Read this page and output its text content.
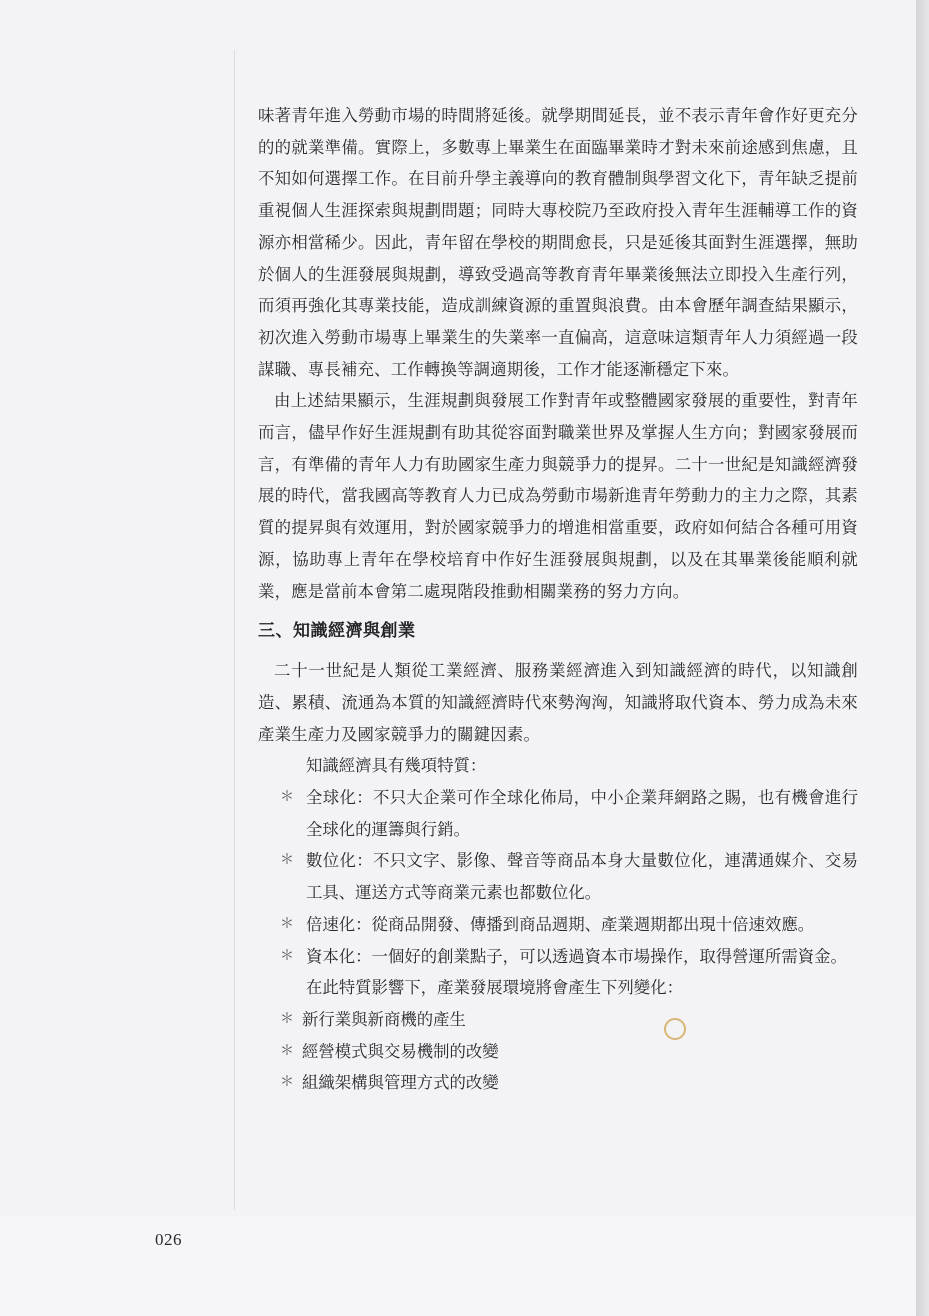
味著青年進入勞動市場的時間將延後。就學期間延長，並不表示青年會作好更充分的的就業準備。實際上，多數專上畢業生在面臨畢業時才對未來前途感到焦慮，且不知如何選擇工作。在目前升學主義導向的教育體制與學習文化下，青年缺乏提前重視個人生涯探索與規劃問題；同時大專校院乃至政府投入青年生涯輔導工作的資源亦相當稀少。因此，青年留在學校的期間愈長，只是延後其面對生涯選擇，無助於個人的生涯發展與規劃，導致受過高等教育青年畢業後無法立即投入生產行列，而須再強化其專業技能，造成訓練資源的重置與浪費。由本會歷年調查結果顯示，初次進入勞動市場專上畢業生的失業率一直偏高，這意味這類青年人力須經過一段謀職、專長補充、工作轉換等調適期後，工作才能逐漸穩定下來。

由上述結果顯示，生涯規劃與發展工作對青年或整體國家發展的重要性，對青年而言，儘早作好生涯規劃有助其從容面對職業世界及掌握人生方向；對國家發展而言，有準備的青年人力有助國家生產力與競爭力的提昇。二十一世紀是知識經濟發展的時代，當我國高等教育人力已成為勞動市場新進青年勞動力的主力之際，其素質的提昇與有效運用，對於國家競爭力的增進相當重要，政府如何結合各種可用資源，協助專上青年在學校培育中作好生涯發展與規劃，以及在其畢業後能順利就業，應是當前本會第二處現階段推動相關業務的努力方向。

三、知識經濟與創業

二十一世紀是人類從工業經濟、服務業經濟進入到知識經濟的時代，以知識創造、累積、流通為本質的知識經濟時代來勢洶洶，知識將取代資本、勞力成為未來產業生產力及國家競爭力的關鍵因素。

知識經濟具有幾項特質：

＊ 全球化：不只大企業可作全球化佈局，中小企業拜網路之賜，也有機會進行全球化的運籌與行銷。

＊ 數位化：不只文字、影像、聲音等商品本身大量數位化，連溝通媒介、交易工具、運送方式等商業元素也都數位化。

＊ 倍速化：從商品開發、傳播到商品週期、產業週期都出現十倍速效應。

＊ 資本化：一個好的創業點子，可以透過資本市場操作，取得營運所需資金。

在此特質影響下，產業發展環境將會產生下列變化：

＊ 新行業與新商機的產生

＊ 經營模式與交易機制的改變

＊ 組織架構與管理方式的改變

026
